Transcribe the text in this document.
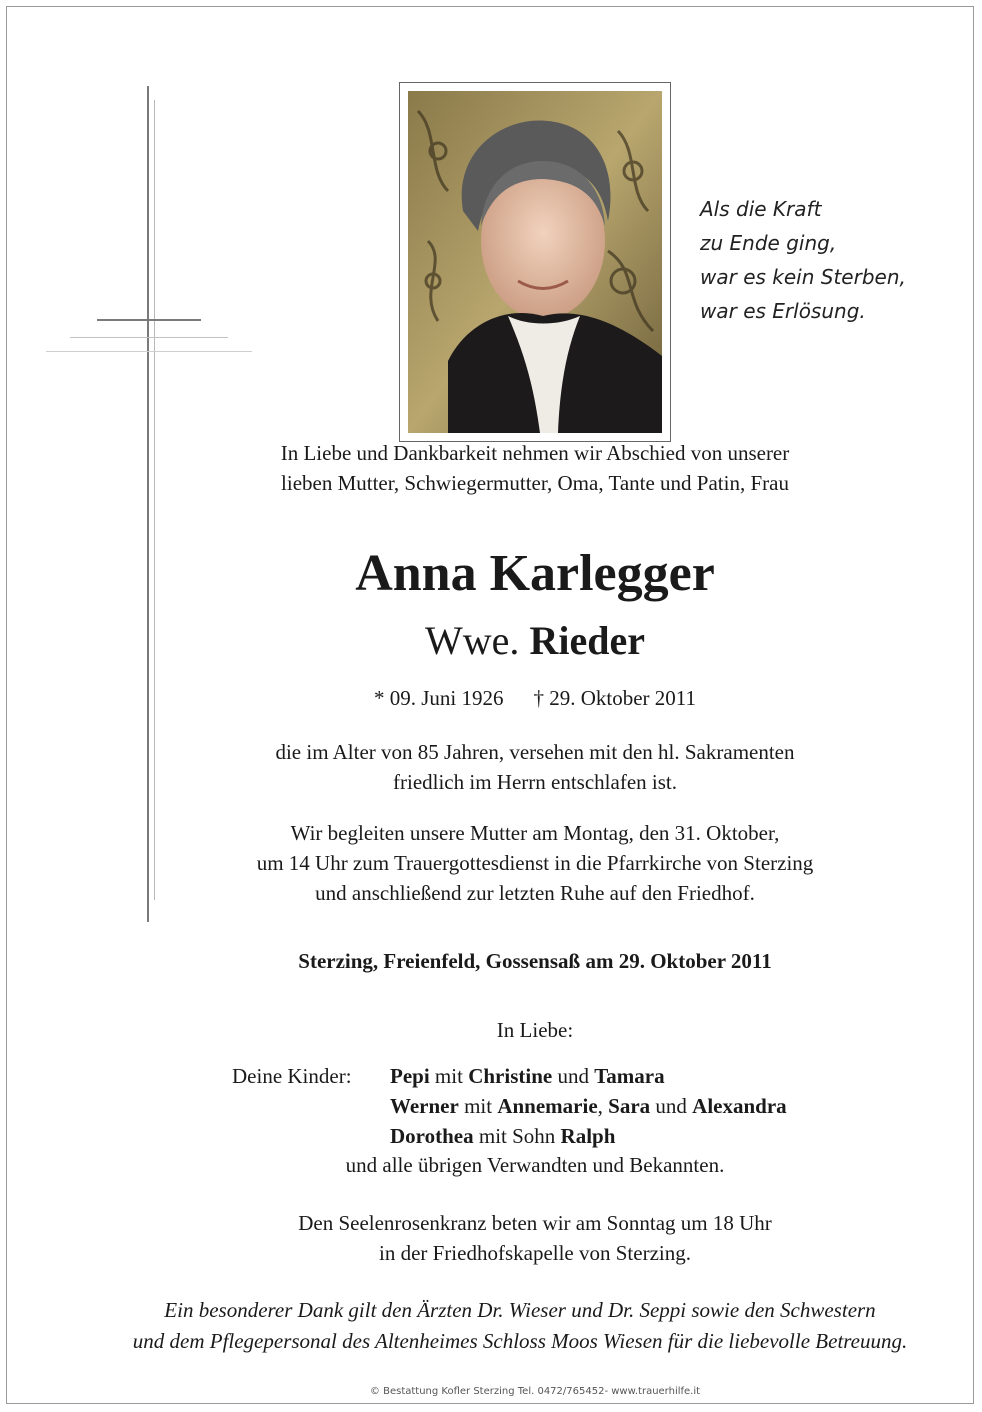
Als die Kraft
zu Ende ging,
war es kein Sterben,
war es Erlösung.
In Liebe und Dankbarkeit nehmen wir Abschied von unserer
lieben Mutter, Schwiegermutter, Oma, Tante und Patin, Frau
Anna Karlegger
Wwe. Rieder
* 09. Juni 1926 † 29. Oktober 2011
die im Alter von 85 Jahren, versehen mit den hl. Sakramenten
friedlich im Herrn entschlafen ist.
Wir begleiten unsere Mutter am Montag, den 31. Oktober,
um 14 Uhr zum Trauergottesdienst in die Pfarrkirche von Sterzing
und anschließend zur letzten Ruhe auf den Friedhof.
Sterzing, Freienfeld, Gossensaß am 29. Oktober 2011
In Liebe:
Deine Kinder: Pepi mit Christine und Tamara
Werner mit Annemarie, Sara und Alexandra
Dorothea mit Sohn Ralph
und alle übrigen Verwandten und Bekannten.
Den Seelenrosenkranz beten wir am Sonntag um 18 Uhr
in der Friedhofskapelle von Sterzing.
Ein besonderer Dank gilt den Ärzten Dr. Wieser und Dr. Seppi sowie den Schwestern
und dem Pflegepersonal des Altenheimes Schloss Moos Wiesen für die liebevolle Betreuung.
© Bestattung Kofler Sterzing Tel. 0472/765452- www.trauerhilfe.it
